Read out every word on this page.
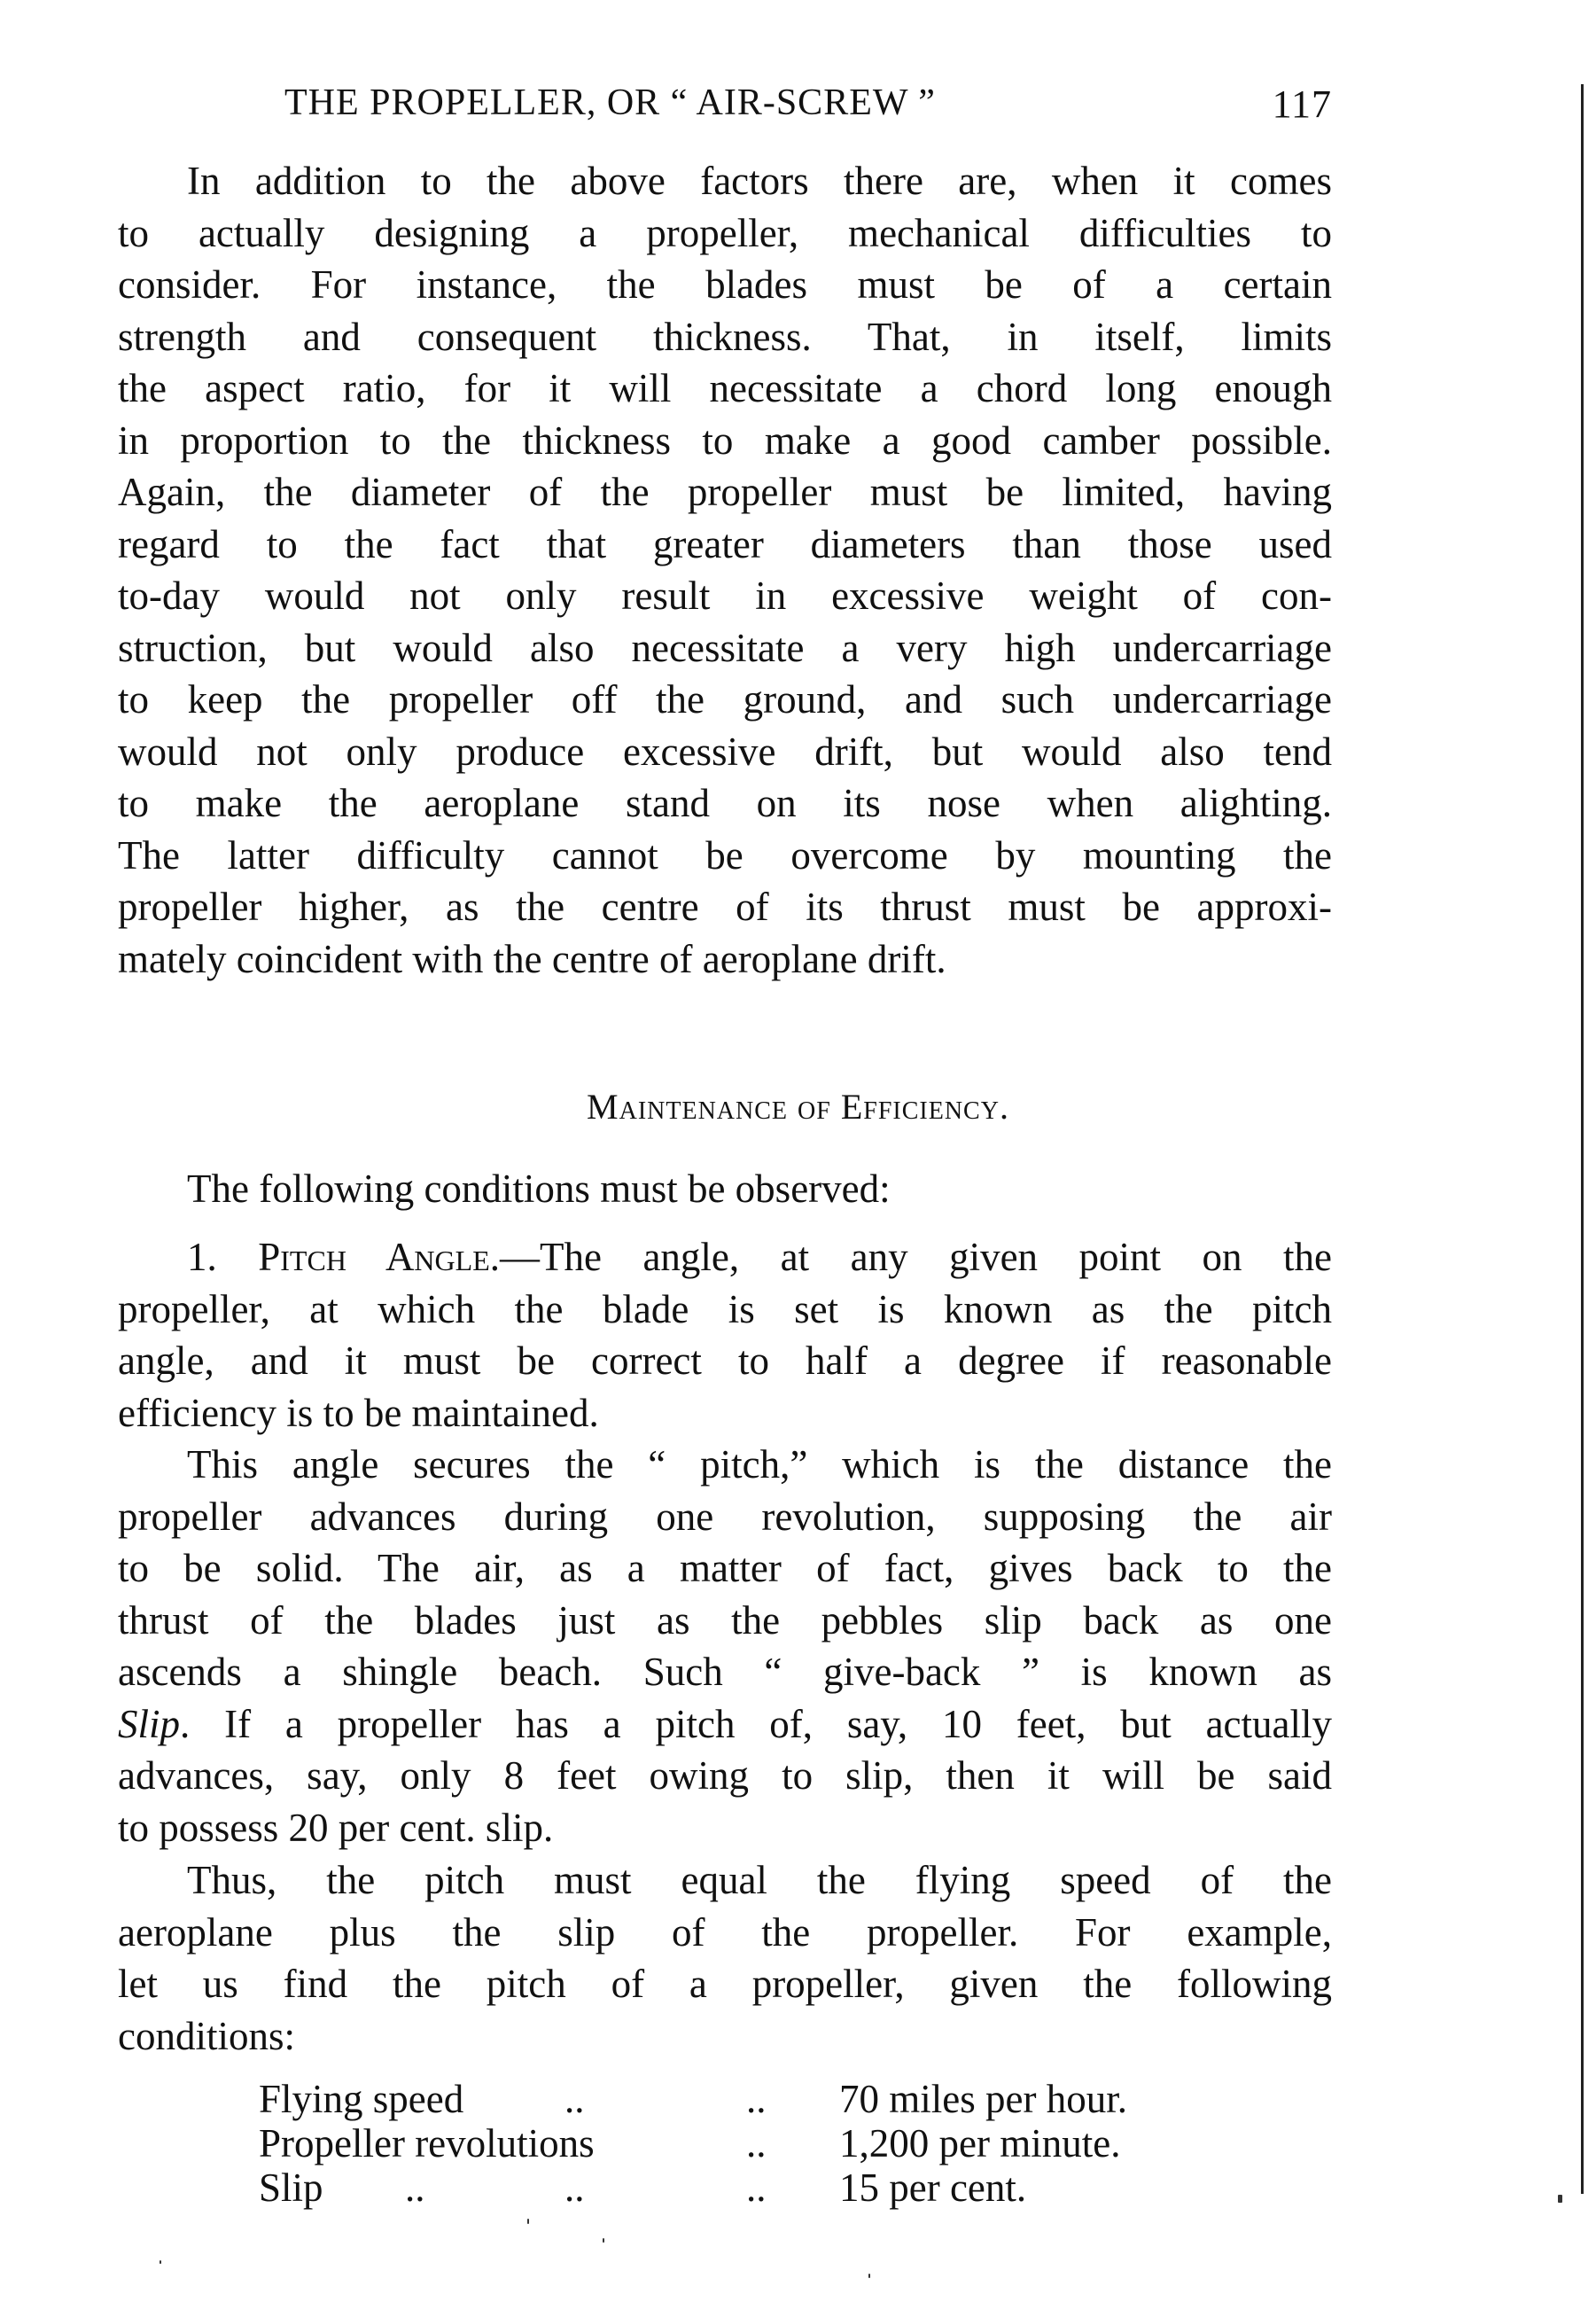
THE PROPELLER, OR “ AIR-SCREW ”	117
In addition to the above factors there are, when it comes
to actually designing a propeller, mechanical difficulties to
consider. For instance, the blades must be of a certain
strength and consequent thickness. That, in itself, limits
the aspect ratio, for it will necessitate a chord long enough
in proportion to the thickness to make a good camber possible.
Again, the diameter of the propeller must be limited, having
regard to the fact that greater diameters than those used
to-day would not only result in excessive weight of con-
struction, but would also necessitate a very high undercarriage
to keep the propeller off the ground, and such undercarriage
would not only produce excessive drift, but would also tend
to make the aeroplane stand on its nose when alighting.
The latter difficulty cannot be overcome by mounting the
propeller higher, as the centre of its thrust must be approxi-
mately coincident with the centre of aeroplane drift.
Maintenance of Efficiency.
The following conditions must be observed:
1. Pitch Angle.—The angle, at any given point on the
propeller, at which the blade is set is known as the pitch
angle, and it must be correct to half a degree if reasonable
efficiency is to be maintained.
This angle secures the “ pitch,” which is the distance the
propeller advances during one revolution, supposing the air
to be solid. The air, as a matter of fact, gives back to the
thrust of the blades just as the pebbles slip back as one
ascends a shingle beach. Such “ give-back ” is known as
Slip. If a propeller has a pitch of, say, 10 feet, but actually
advances, say, only 8 feet owing to slip, then it will be said
to possess 20 per cent. slip.
Thus, the pitch must equal the flying speed of the
aeroplane plus the slip of the propeller. For example,
let us find the pitch of a propeller, given the following
conditions:
Flying speed	..	.. 70 miles per hour.
Propeller revolutions	.. 1,200 per minute.
Slip ..	..	.. 15 per cent.
